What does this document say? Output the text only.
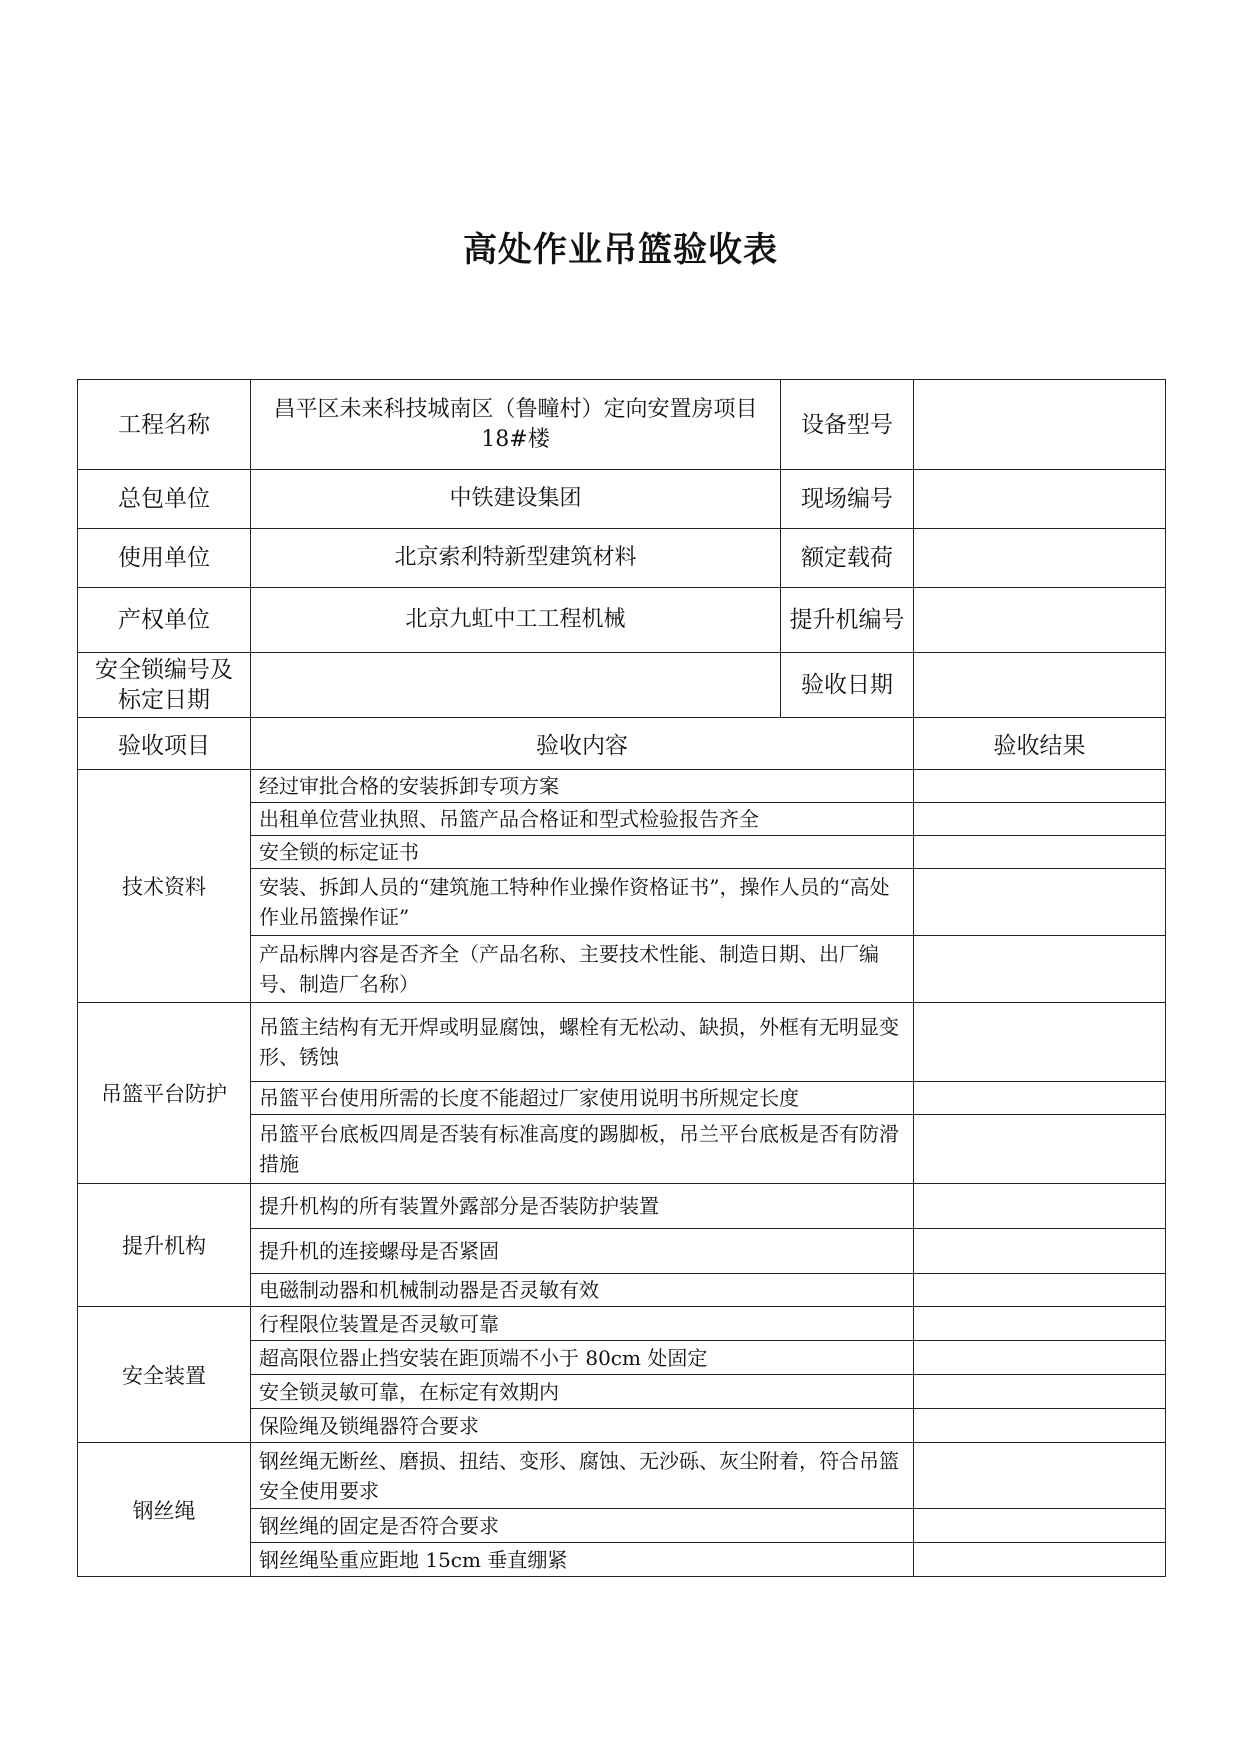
高处作业吊篮验收表
工程名称	昌平区未来科技城南区（鲁疃村）定向安置房项目 18#楼	设备型号	
总包单位	中铁建设集团	现场编号	
使用单位	北京索利特新型建筑材料	额定载荷	
产权单位	北京九虹中工工程机械	提升机编号	
安全锁编号及标定日期		验收日期	
验收项目	验收内容		验收结果
技术资料	经过审批合格的安装拆卸专项方案		
	出租单位营业执照、吊篮产品合格证和型式检验报告齐全		
	安全锁的标定证书		
	安装、拆卸人员的“建筑施工特种作业操作资格证书”，操作人员的“高处作业吊篮操作证”		
	产品标牌内容是否齐全（产品名称、主要技术性能、制造日期、出厂编号、制造厂名称）		
吊篮平台防护	吊篮主结构有无开焊或明显腐蚀，螺栓有无松动、缺损，外框有无明显变形、锈蚀		
	吊篮平台使用所需的长度不能超过厂家使用说明书所规定长度		
	吊篮平台底板四周是否装有标准高度的踢脚板，吊兰平台底板是否有防滑措施		
提升机构	提升机构的所有装置外露部分是否装防护装置		
	提升机的连接螺母是否紧固		
	电磁制动器和机械制动器是否灵敏有效		
安全装置	行程限位装置是否灵敏可靠		
	超高限位器止挡安装在距顶端不小于 80cm 处固定		
	安全锁灵敏可靠，在标定有效期内		
	保险绳及锁绳器符合要求		
钢丝绳	钢丝绳无断丝、磨损、扭结、变形、腐蚀、无沙砾、灰尘附着，符合吊篮安全使用要求		
	钢丝绳的固定是否符合要求		
	钢丝绳坠重应距地 15cm 垂直绷紧		
